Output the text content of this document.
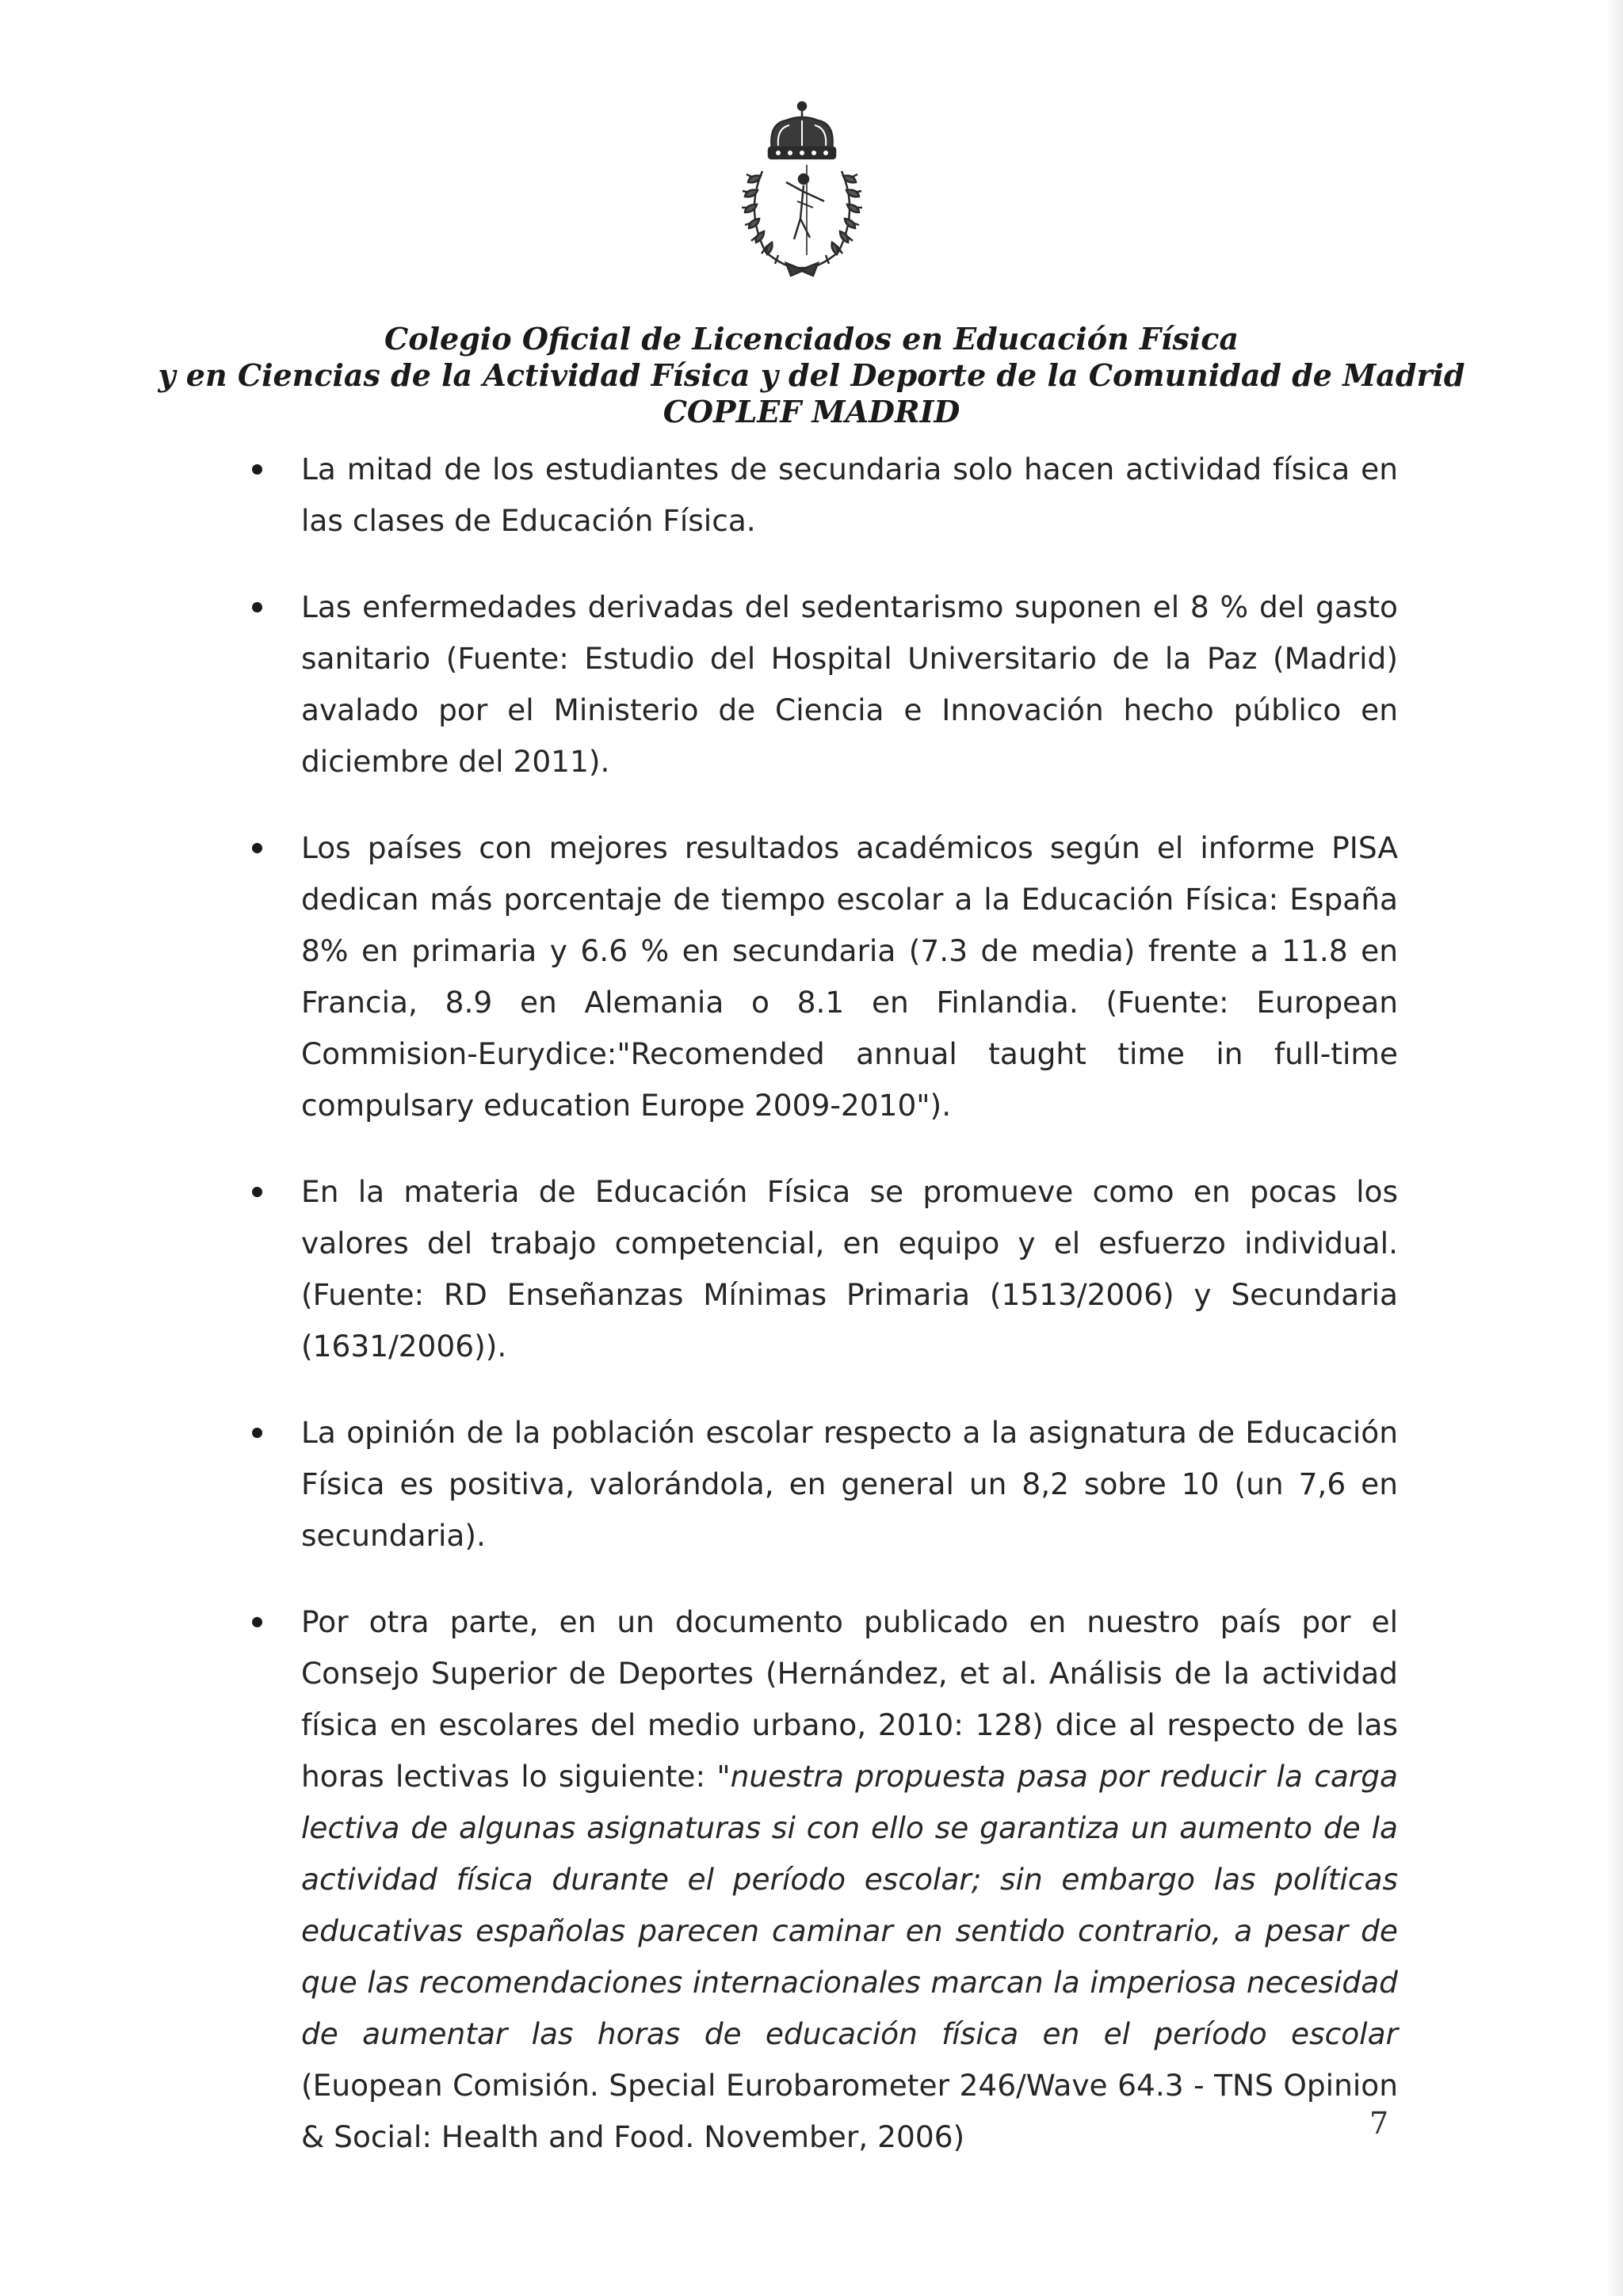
Colegio Oficial de Licenciados en Educación Física
y en Ciencias de la Actividad Física y del Deporte de la Comunidad de Madrid
COPLEF MADRID
La mitad de los estudiantes de secundaria solo hacen actividad física en las clases de Educación Física.
Las enfermedades derivadas del sedentarismo suponen el 8 % del gasto sanitario (Fuente: Estudio del Hospital Universitario de la Paz (Madrid) avalado por el Ministerio de Ciencia e Innovación hecho público en diciembre del 2011).
Los países con mejores resultados académicos según el informe PISA dedican más porcentaje de tiempo escolar a la Educación Física: España 8% en primaria y 6.6 % en secundaria (7.3 de media) frente a 11.8 en Francia, 8.9 en Alemania o 8.1 en Finlandia. (Fuente: European Commision-Eurydice:"Recomended annual taught time in full-time compulsary education Europe 2009-2010").
En la materia de Educación Física se promueve como en pocas los valores del trabajo competencial, en equipo y el esfuerzo individual.(Fuente: RD Enseñanzas Mínimas Primaria (1513/2006) y Secundaria (1631/2006)).
La opinión de la población escolar respecto a la asignatura de Educación Física es positiva, valorándola, en general un 8,2 sobre 10 (un 7,6 en secundaria).
Por otra parte, en un documento publicado en nuestro país por el Consejo Superior de Deportes (Hernández, et al. Análisis de la actividad física en escolares del medio urbano, 2010: 128) dice al respecto de las horas lectivas lo siguiente: "nuestra propuesta pasa por reducir la carga lectiva de algunas asignaturas si con ello se garantiza un aumento de la actividad física durante el período escolar; sin embargo las políticas educativas españolas parecen caminar en sentido contrario, a pesar de que las recomendaciones internacionales marcan la imperiosa necesidad de aumentar las horas de educación física en el período escolar (Euopean Comisión. Special Eurobarometer 246/Wave 64.3 - TNS Opinion & Social: Health and Food. November, 2006)	7
